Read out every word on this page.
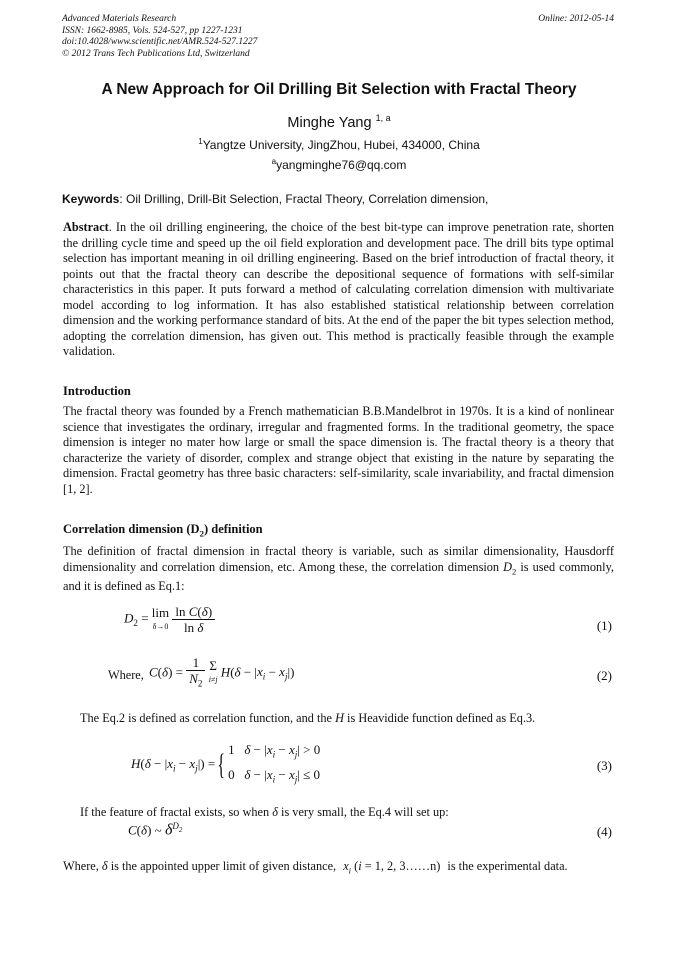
Advanced Materials Research
ISSN: 1662-8985, Vols. 524-527, pp 1227-1231
doi:10.4028/www.scientific.net/AMR.524-527.1227
© 2012 Trans Tech Publications Ltd, Switzerland
Online: 2012-05-14
A New Approach for Oil Drilling Bit Selection with Fractal Theory
Minghe Yang $^{1, a}$
$^1$Yangtze University, JingZhou, Hubei, 434000, China
$^a$yangminghe76@qq.com
Keywords: Oil Drilling, Drill-Bit Selection, Fractal Theory, Correlation dimension,
Abstract. In the oil drilling engineering, the choice of the best bit-type can improve penetration rate, shorten the drilling cycle time and speed up the oil field exploration and development pace. The drill bits type optimal selection has important meaning in oil drilling engineering. Based on the brief introduction of fractal theory, it points out that the fractal theory can describe the depositional sequence of formations with self-similar characteristics in this paper. It puts forward a method of calculating correlation dimension with multivariate model according to log information. It has also established statistical relationship between correlation dimension and the working performance standard of bits. At the end of the paper the bit types selection method, adopting the correlation dimension, has given out. This method is practically feasible through the example validation.
Introduction
The fractal theory was founded by a French mathematician B.B.Mandelbrot in 1970s. It is a kind of nonlinear science that investigates the ordinary, irregular and fragmented forms. In the traditional geometry, the space dimension is integer no mater how large or small the space dimension is. The fractal theory is a theory that characterize the variety of disorder, complex and strange object that existing in the nature by separating the dimension. Fractal geometry has three basic characters: self-similarity, scale invariability, and fractal dimension [1, 2].
Correlation dimension $(D_2)$ definition
The definition of fractal dimension in fractal theory is variable, such as similar dimensionality, Hausdorff dimensionality and correlation dimension, etc. Among these, the correlation dimension $D_2$ is used commonly, and it is defined as Eq.1:
$D_2 = \lim$
$\delta\to 0 \frac{\text{ln C(δ)}}{\text{ln δ}}$	(1)
Where, $C(\delta) = \frac{1}{N_2}$ Σ
i≠j $H(\delta - |x_i - x_j|)$	(2)
The Eq.2 is defined as correlation function, and the H is Heavidide function defined as Eq.3.
$H(\delta - |x_i - x_j|)$ = { 1   $\delta - |x_i - x_j| > 0$
0   $\delta - |x_i - x_j| \le 0$
(3)
If the feature of fractal exists, so when δ is very small, the Eq.4 will set up:
C(δ) ~ $\delta^{D_2}$	(4)
Where, δ is the appointed upper limit of given distance, $x_i$ (i = 1, 2, 3……n) is the experimental data.
